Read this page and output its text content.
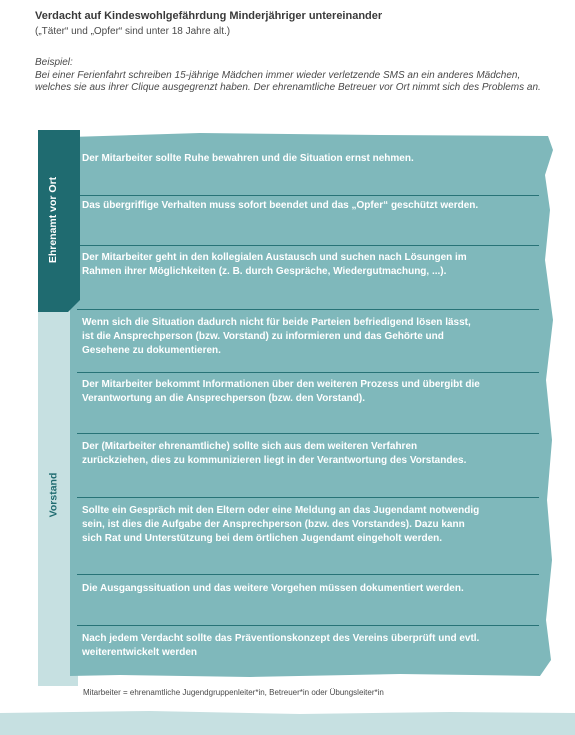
Verdacht auf Kindeswohlgefährdung Minderjähriger untereinander
(„Täter“ und „Opfer“ sind unter 18 Jahre alt.)

Beispiel:

Bei einer Ferienfahrt schreiben 15-jährige Mädchen immer wieder verletzende SMS an ein anderes Mädchen, welches sie aus ihrer Clique ausgegrenzt haben. Der ehrenamtliche Betreuer vor Ort nimmt sich des Problems an.

Ehrenamt vor Ort
Vorstand
Der Mitarbeiter sollte Ruhe bewahren und die Situation ernst nehmen.
Das übergriffige Verhalten muss sofort beendet und das „Opfer“ geschützt werden.
Der Mitarbeiter geht in den kollegialen Austausch und suchen nach Lösungen im Rahmen ihrer Möglichkeiten (z. B. durch Gespräche, Wiedergutmachung, ...).
Wenn sich die Situation dadurch nicht für beide Parteien befriedigend lösen lässt, ist die Ansprechperson (bzw. Vorstand) zu informieren und das Gehörte und Gesehene zu dokumentieren.
Der Mitarbeiter bekommt Informationen über den weiteren Prozess und übergibt die Verantwortung an die Ansprechperson (bzw. den Vorstand).
Der (Mitarbeiter ehrenamtliche) sollte sich aus dem weiteren Verfahren zurückziehen, dies zu kommunizieren liegt in der Verantwortung des Vorstandes.
Sollte ein Gespräch mit den Eltern oder eine Meldung an das Jugendamt notwendig sein, ist dies die Aufgabe der Ansprechperson (bzw. des Vorstandes). Dazu kann sich Rat und Unterstützung bei dem örtlichen Jugendamt eingeholt werden.
Die Ausgangssituation und das weitere Vorgehen müssen dokumentiert werden.
Nach jedem Verdacht sollte das Präventionskonzept des Vereins überprüft und evtl. weiterentwickelt werden
Mitarbeiter = ehrenamtliche Jugendgruppenleiter*in, Betreuer*in oder Übungsleiter*in
